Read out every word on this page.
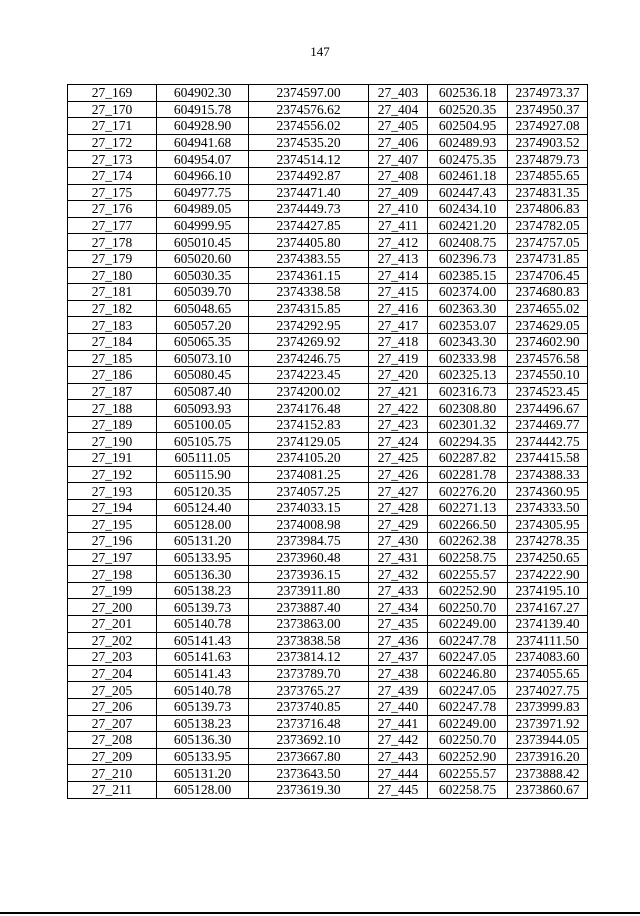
147
27_169	604902.30	2374597.00	27_403	602536.18	2374973.37
27_170	604915.78	2374576.62	27_404	602520.35	2374950.37
27_171	604928.90	2374556.02	27_405	602504.95	2374927.08
27_172	604941.68	2374535.20	27_406	602489.93	2374903.52
27_173	604954.07	2374514.12	27_407	602475.35	2374879.73
27_174	604966.10	2374492.87	27_408	602461.18	2374855.65
27_175	604977.75	2374471.40	27_409	602447.43	2374831.35
27_176	604989.05	2374449.73	27_410	602434.10	2374806.83
27_177	604999.95	2374427.85	27_411	602421.20	2374782.05
27_178	605010.45	2374405.80	27_412	602408.75	2374757.05
27_179	605020.60	2374383.55	27_413	602396.73	2374731.85
27_180	605030.35	2374361.15	27_414	602385.15	2374706.45
27_181	605039.70	2374338.58	27_415	602374.00	2374680.83
27_182	605048.65	2374315.85	27_416	602363.30	2374655.02
27_183	605057.20	2374292.95	27_417	602353.07	2374629.05
27_184	605065.35	2374269.92	27_418	602343.30	2374602.90
27_185	605073.10	2374246.75	27_419	602333.98	2374576.58
27_186	605080.45	2374223.45	27_420	602325.13	2374550.10
27_187	605087.40	2374200.02	27_421	602316.73	2374523.45
27_188	605093.93	2374176.48	27_422	602308.80	2374496.67
27_189	605100.05	2374152.83	27_423	602301.32	2374469.77
27_190	605105.75	2374129.05	27_424	602294.35	2374442.75
27_191	605111.05	2374105.20	27_425	602287.82	2374415.58
27_192	605115.90	2374081.25	27_426	602281.78	2374388.33
27_193	605120.35	2374057.25	27_427	602276.20	2374360.95
27_194	605124.40	2374033.15	27_428	602271.13	2374333.50
27_195	605128.00	2374008.98	27_429	602266.50	2374305.95
27_196	605131.20	2373984.75	27_430	602262.38	2374278.35
27_197	605133.95	2373960.48	27_431	602258.75	2374250.65
27_198	605136.30	2373936.15	27_432	602255.57	2374222.90
27_199	605138.23	2373911.80	27_433	602252.90	2374195.10
27_200	605139.73	2373887.40	27_434	602250.70	2374167.27
27_201	605140.78	2373863.00	27_435	602249.00	2374139.40
27_202	605141.43	2373838.58	27_436	602247.78	2374111.50
27_203	605141.63	2373814.12	27_437	602247.05	2374083.60
27_204	605141.43	2373789.70	27_438	602246.80	2374055.65
27_205	605140.78	2373765.27	27_439	602247.05	2374027.75
27_206	605139.73	2373740.85	27_440	602247.78	2373999.83
27_207	605138.23	2373716.48	27_441	602249.00	2373971.92
27_208	605136.30	2373692.10	27_442	602250.70	2373944.05
27_209	605133.95	2373667.80	27_443	602252.90	2373916.20
27_210	605131.20	2373643.50	27_444	602255.57	2373888.42
27_211	605128.00	2373619.30	27_445	602258.75	2373860.67
